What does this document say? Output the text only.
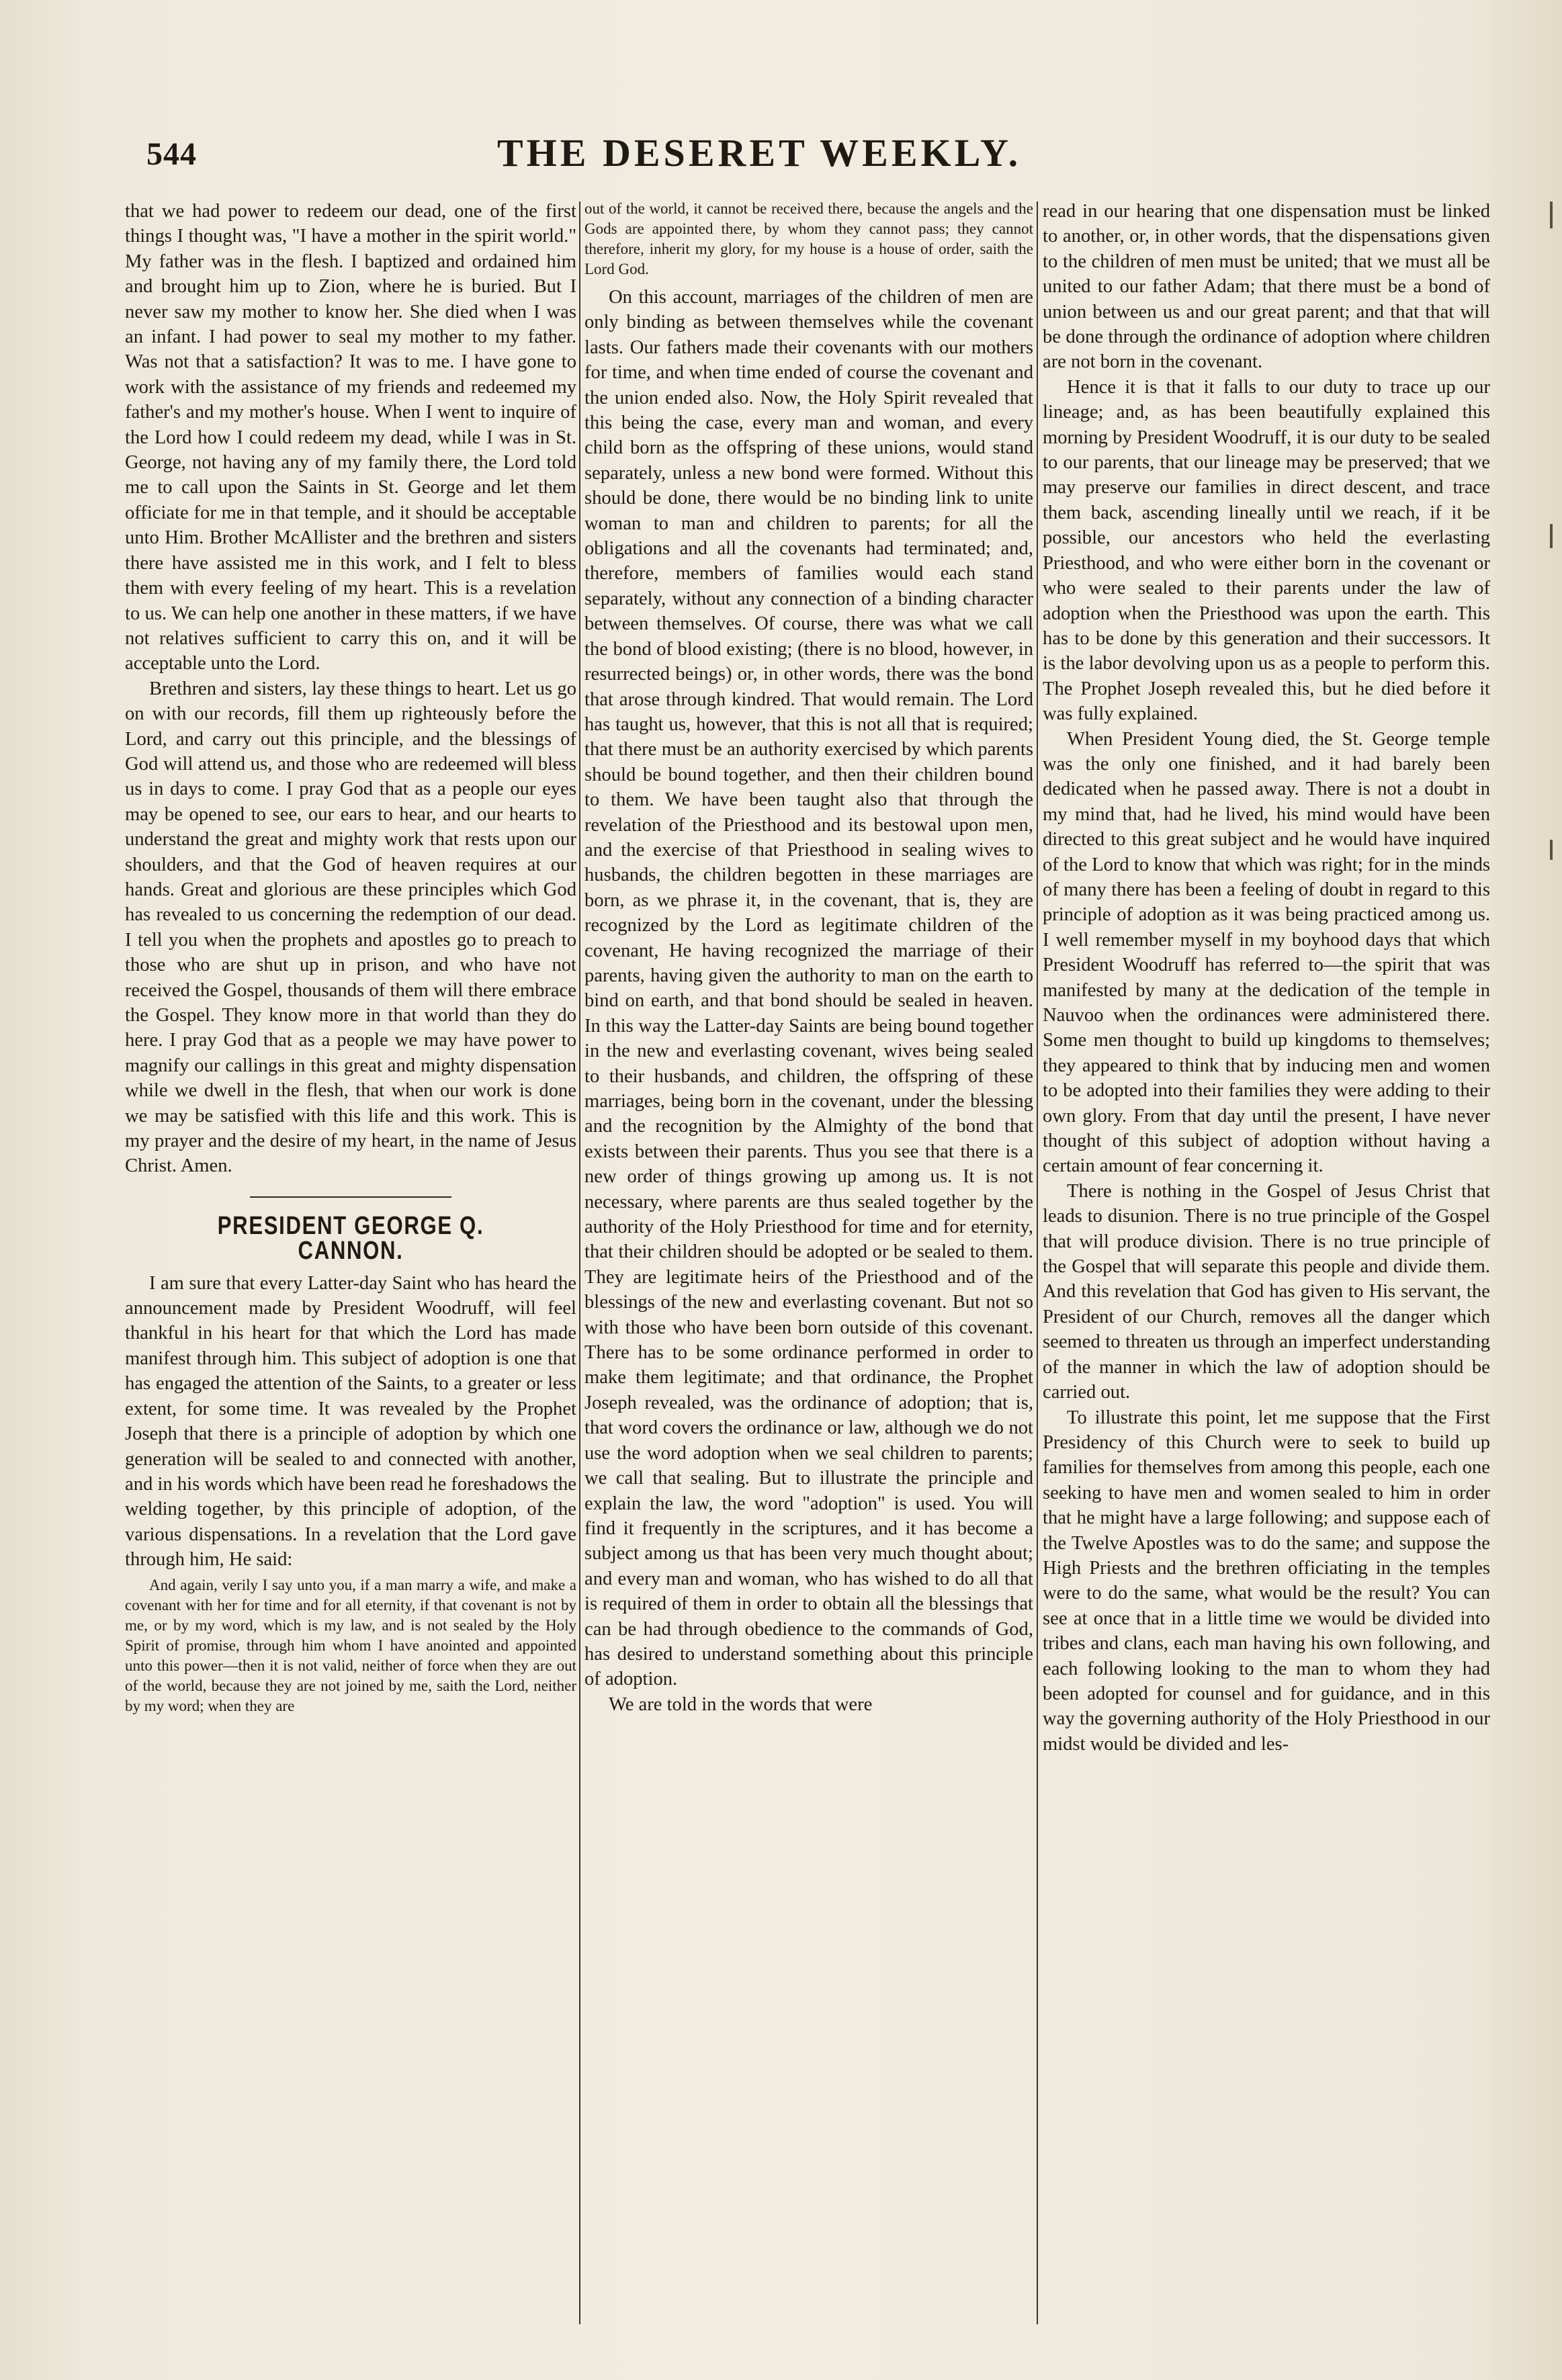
544	THE DESERET WEEKLY.

that we had power to redeem our dead, one of the first things I thought was, "I have a mother in the spirit world." My father was in the flesh. I baptized and ordained him and brought him up to Zion, where he is buried. But I never saw my mother to know her. She died when I was an infant. I had power to seal my mother to my father. Was not that a satisfaction? It was to me. I have gone to work with the assistance of my friends and redeemed my father's and my mother's house. When I went to inquire of the Lord how I could redeem my dead, while I was in St. George, not having any of my family there, the Lord told me to call upon the Saints in St. George and let them officiate for me in that temple, and it should be acceptable unto Him. Brother McAllister and the brethren and sisters there have assisted me in this work, and I felt to bless them with every feeling of my heart. This is a revelation to us. We can help one another in these matters, if we have not relatives sufficient to carry this on, and it will be acceptable unto the Lord.

Brethren and sisters, lay these things to heart. Let us go on with our records, fill them up righteously before the Lord, and carry out this principle, and the blessings of God will attend us, and those who are redeemed will bless us in days to come. I pray God that as a people our eyes may be opened to see, our ears to hear, and our hearts to understand the great and mighty work that rests upon our shoulders, and that the God of heaven requires at our hands. Great and glorious are these principles which God has revealed to us concerning the redemption of our dead. I tell you when the prophets and apostles go to preach to those who are shut up in prison, and who have not received the Gospel, thousands of them will there embrace the Gospel. They know more in that world than they do here. I pray God that as a people we may have power to magnify our callings in this great and mighty dispensation while we dwell in the flesh, that when our work is done we may be satisfied with this life and this work. This is my prayer and the desire of my heart, in the name of Jesus Christ. Amen.

PRESIDENT GEORGE Q. CANNON.

I am sure that every Latter-day Saint who has heard the announcement made by President Woodruff, will feel thankful in his heart for that which the Lord has made manifest through him. This subject of adoption is one that has engaged the attention of the Saints, to a greater or less extent, for some time. It was revealed by the Prophet Joseph that there is a principle of adoption by which one generation will be sealed to and connected with another, and in his words which have been read he foreshadows the welding together, by this principle of adoption, of the various dispensations. In a revelation that the Lord gave through him, He said:

And again, verily I say unto you, if a man marry a wife, and make a covenant with her for time and for all eternity, if that covenant is not by me, or by my word, which is my law, and is not sealed by the Holy Spirit of promise, through him whom I have anointed and appointed unto this power—then it is not valid, neither of force when they are out of the world, because they are not joined by me, saith the Lord, neither by my word; when they are

out of the world, it cannot be received there, because the angels and the Gods are appointed there, by whom they cannot pass; they cannot therefore, inherit my glory, for my house is a house of order, saith the Lord God.

On this account, marriages of the children of men are only binding as between themselves while the covenant lasts. Our fathers made their covenants with our mothers for time, and when time ended of course the covenant and the union ended also. Now, the Holy Spirit revealed that this being the case, every man and woman, and every child born as the offspring of these unions, would stand separately, unless a new bond were formed. Without this should be done, there would be no binding link to unite woman to man and children to parents; for all the obligations and all the covenants had terminated; and, therefore, members of families would each stand separately, without any connection of a binding character between themselves. Of course, there was what we call the bond of blood existing; (there is no blood, however, in resurrected beings) or, in other words, there was the bond that arose through kindred. That would remain. The Lord has taught us, however, that this is not all that is required; that there must be an authority exercised by which parents should be bound together, and then their children bound to them. We have been taught also that through the revelation of the Priesthood and its bestowal upon men, and the exercise of that Priesthood in sealing wives to husbands, the children begotten in these marriages are born, as we phrase it, in the covenant, that is, they are recognized by the Lord as legitimate children of the covenant, He having recognized the marriage of their parents, having given the authority to man on the earth to bind on earth, and that bond should be sealed in heaven. In this way the Latter-day Saints are being bound together in the new and everlasting covenant, wives being sealed to their husbands, and children, the offspring of these marriages, being born in the covenant, under the blessing and the recognition by the Almighty of the bond that exists between their parents. Thus you see that there is a new order of things growing up among us. It is not necessary, where parents are thus sealed together by the authority of the Holy Priesthood for time and for eternity, that their children should be adopted or be sealed to them. They are legitimate heirs of the Priesthood and of the blessings of the new and everlasting covenant. But not so with those who have been born outside of this covenant. There has to be some ordinance performed in order to make them legitimate; and that ordinance, the Prophet Joseph revealed, was the ordinance of adoption; that is, that word covers the ordinance or law, although we do not use the word adoption when we seal children to parents; we call that sealing. But to illustrate the principle and explain the law, the word "adoption" is used. You will find it frequently in the scriptures, and it has become a subject among us that has been very much thought about; and every man and woman, who has wished to do all that is required of them in order to obtain all the blessings that can be had through obedience to the commands of God, has desired to understand something about this principle of adoption.

We are told in the words that were

read in our hearing that one dispensation must be linked to another, or, in other words, that the dispensations given to the children of men must be united; that we must all be united to our father Adam; that there must be a bond of union between us and our great parent; and that that will be done through the ordinance of adoption where children are not born in the covenant.

Hence it is that it falls to our duty to trace up our lineage; and, as has been beautifully explained this morning by President Woodruff, it is our duty to be sealed to our parents, that our lineage may be preserved; that we may preserve our families in direct descent, and trace them back, ascending lineally until we reach, if it be possible, our ancestors who held the everlasting Priesthood, and who were either born in the covenant or who were sealed to their parents under the law of adoption when the Priesthood was upon the earth. This has to be done by this generation and their successors. It is the labor devolving upon us as a people to perform this. The Prophet Joseph revealed this, but he died before it was fully explained.

When President Young died, the St. George temple was the only one finished, and it had barely been dedicated when he passed away. There is not a doubt in my mind that, had he lived, his mind would have been directed to this great subject and he would have inquired of the Lord to know that which was right; for in the minds of many there has been a feeling of doubt in regard to this principle of adoption as it was being practiced among us. I well remember myself in my boyhood days that which President Woodruff has referred to—the spirit that was manifested by many at the dedication of the temple in Nauvoo when the ordinances were administered there. Some men thought to build up kingdoms to themselves; they appeared to think that by inducing men and women to be adopted into their families they were adding to their own glory. From that day until the present, I have never thought of this subject of adoption without having a certain amount of fear concerning it.

There is nothing in the Gospel of Jesus Christ that leads to disunion. There is no true principle of the Gospel that will produce division. There is no true principle of the Gospel that will separate this people and divide them. And this revelation that God has given to His servant, the President of our Church, removes all the danger which seemed to threaten us through an imperfect understanding of the manner in which the law of adoption should be carried out.

To illustrate this point, let me suppose that the First Presidency of this Church were to seek to build up families for themselves from among this people, each one seeking to have men and women sealed to him in order that he might have a large following; and suppose each of the Twelve Apostles was to do the same; and suppose the High Priests and the brethren officiating in the temples were to do the same, what would be the result? You can see at once that in a little time we would be divided into tribes and clans, each man having his own following, and each following looking to the man to whom they had been adopted for counsel and for guidance, and in this way the governing authority of the Holy Priesthood in our midst would be divided and les-
